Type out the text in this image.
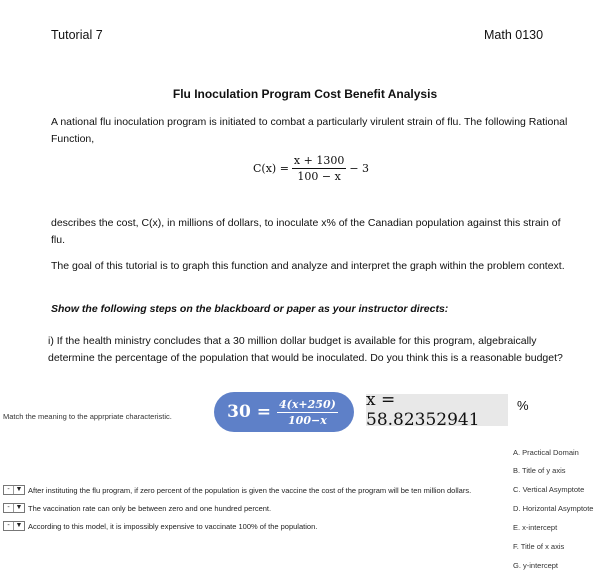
Tutorial 7	Math 0130
Flu Inoculation Program Cost Benefit Analysis
A national flu inoculation program is initiated to combat a particularly virulent strain of flu. The following Rational Function,
$C(x) = \frac{x + 1300}{100 - x} - 3$
describes the cost, C(x), in millions of dollars, to inoculate x% of the Canadian population against this strain of flu.
The goal of this tutorial is to graph this function and analyze and interpret the graph within the problem context.
Show the following steps on the blackboard or paper as your instructor directs:
i) If the health ministry concludes that a 30 million dollar budget is available for this program, algebraically determine the percentage of the population that would be inoculated. Do you think this is a reasonable budget?
Match the meaning to the apprpriate characteristic.	$30 = \frac{4(x+250)}{100-x}$ x = 58.82352941
%
- ▼ After instituting the flu program, if zero percent of the population is given the vaccine the cost of the program will be ten million dollars.
- ▼ The vaccination rate can only be between zero and one hundred percent.
- ▼ According to this model, it is impossibly expensive to vaccinate 100% of the population.
A. Practical Domain
B. Title of y axis
C. Vertical Asymptote
D. Horizontal Asymptote
E. x-intercept
F. Title of x axis
G. y-intercept
